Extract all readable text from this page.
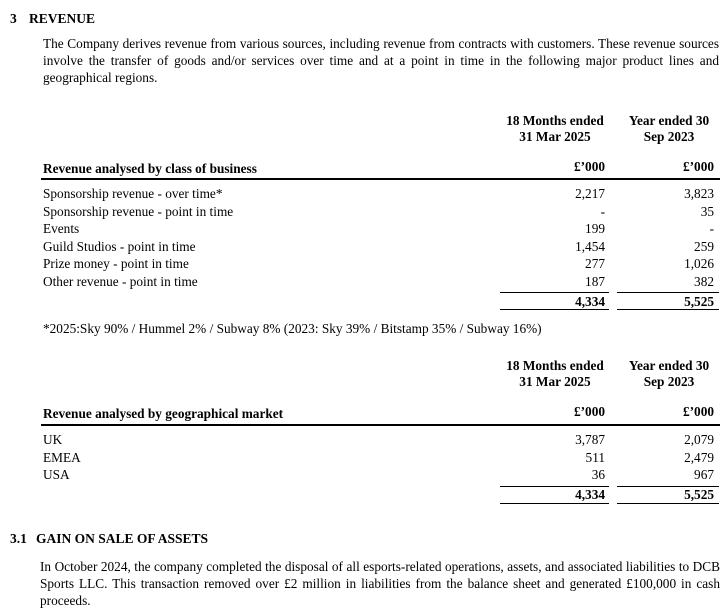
3 REVENUE
The Company derives revenue from various sources, including revenue from contracts with customers. These revenue sources involve the transfer of goods and/or services over time and at a point in time in the following major product lines and geographical regions.
18 Months ended
31 Mar 2025
Year ended 30
Sep 2023
Revenue analysed by class of business	£’000	£’000
Sponsorship revenue - over time*	2,217	3,823
Sponsorship revenue - point in time	-	35
Events	199	-
Guild Studios - point in time	1,454	259
Prize money - point in time	277	1,026
Other revenue - point in time	187	382
4,334	5,525
*2025:Sky 90% / Hummel 2% / Subway 8% (2023: Sky 39% / Bitstamp 35% / Subway 16%)
18 Months ended
31 Mar 2025
Year ended 30
Sep 2023
Revenue analysed by geographical market	£’000	£’000
UK	3,787	2,079
EMEA	511	2,479
USA	36	967
4,334	5,525
3.1 GAIN ON SALE OF ASSETS
In October 2024, the company completed the disposal of all esports-related operations, assets, and associated liabilities to DCB Sports LLC. This transaction removed over £2 million in liabilities from the balance sheet and generated £100,000 in cash proceeds.
